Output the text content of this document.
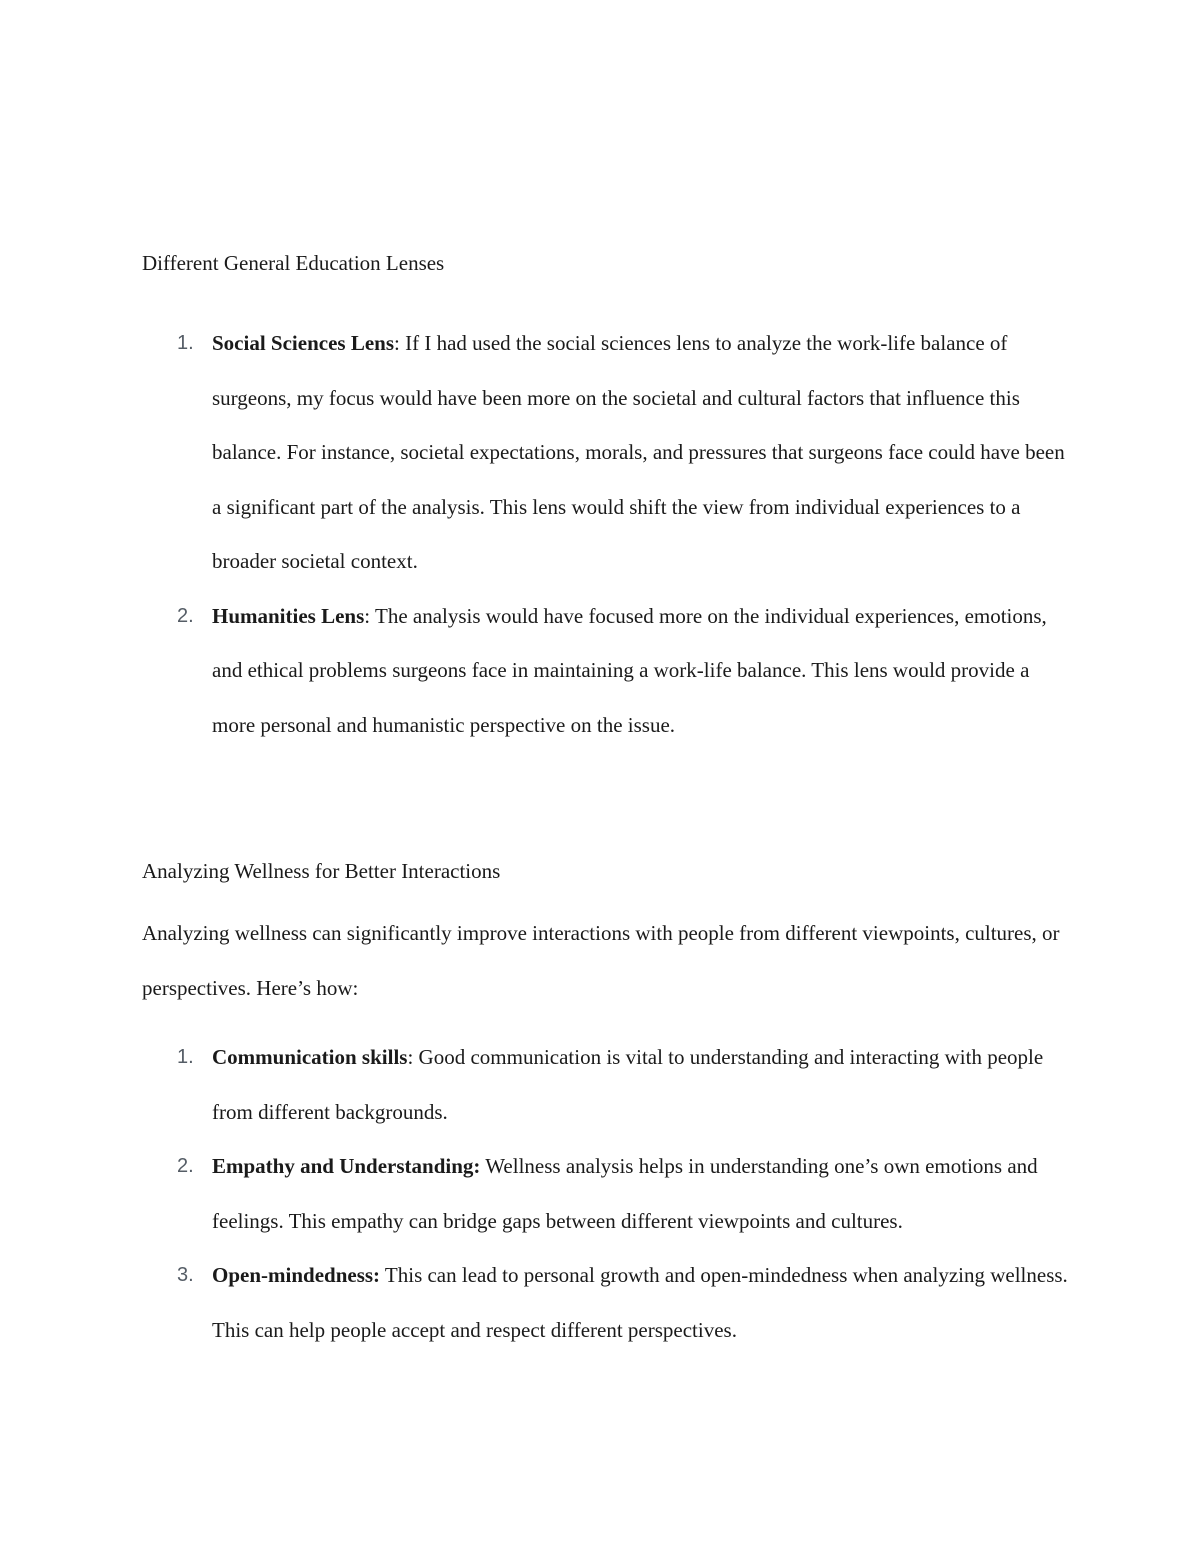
Different General Education Lenses

1. Social Sciences Lens: If I had used the social sciences lens to analyze the work-life balance of surgeons, my focus would have been more on the societal and cultural factors that influence this balance. For instance, societal expectations, morals, and pressures that surgeons face could have been a significant part of the analysis. This lens would shift the view from individual experiences to a broader societal context.
2. Humanities Lens: The analysis would have focused more on the individual experiences, emotions, and ethical problems surgeons face in maintaining a work-life balance. This lens would provide a more personal and humanistic perspective on the issue.

Analyzing Wellness for Better Interactions

Analyzing wellness can significantly improve interactions with people from different viewpoints, cultures, or perspectives. Here’s how:

1. Communication skills: Good communication is vital to understanding and interacting with people from different backgrounds.
2. Empathy and Understanding: Wellness analysis helps in understanding one’s own emotions and feelings. This empathy can bridge gaps between different viewpoints and cultures.
3. Open-mindedness: This can lead to personal growth and open-mindedness when analyzing wellness. This can help people accept and respect different perspectives.
